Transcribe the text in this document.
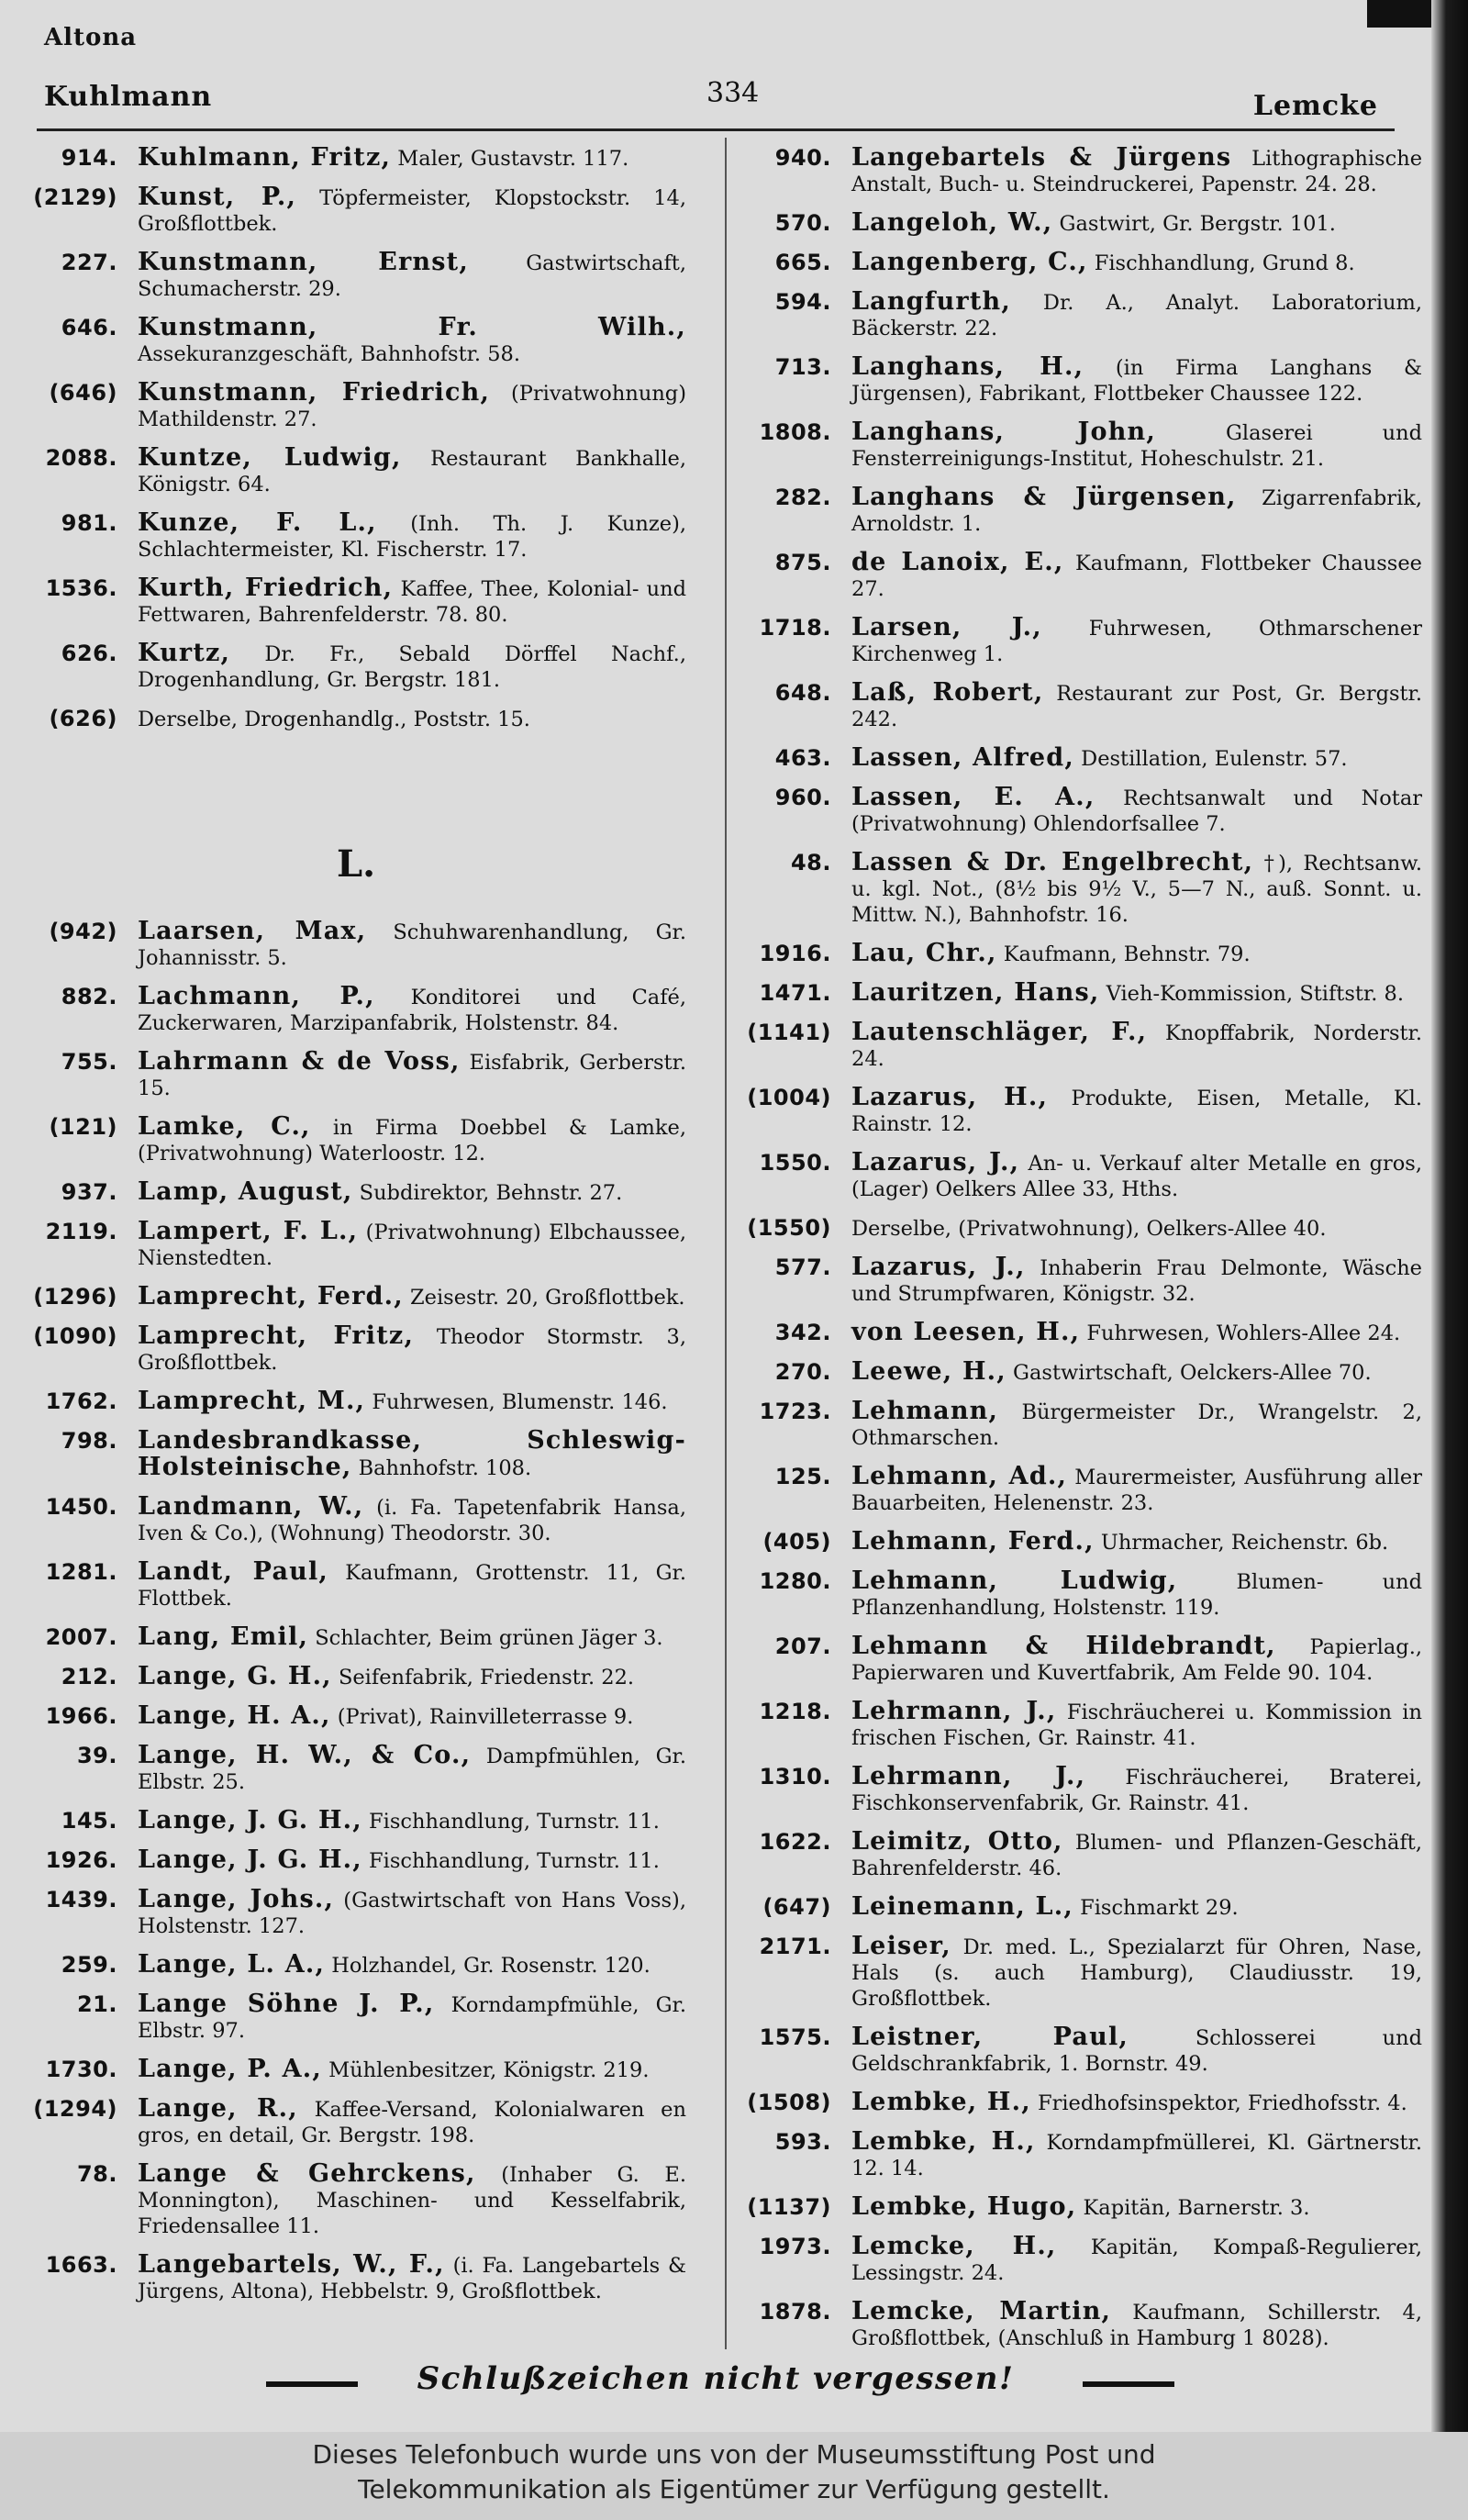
Altona
Kuhlmann	334	Lemcke
914. Kuhlmann, Fritz, Maler, Gustavstr. 117.
(2129) Kunst, P., Töpfermeister, Klopstockstr. 14, Großflottbek.
227. Kunstmann, Ernst,	Gastwirtschaft, Schumacherstr. 29.
646. Kunstmann, Fr. Wilh., Assekuranzgeschäft, Bahnhofstr. 58.
(646) Kunstmann, Friedrich, (Privatwohnung) Mathildenstr. 27.
2088. Kuntze, Ludwig, Restaurant Bankhalle, Königstr. 64.
981. Kunze, F. L., (Inh. Th. J. Kunze), Schlachtermeister, Kl. Fischerstr. 17.
1536. Kurth, Friedrich, Kaffee, Thee, Kolonial- und Fettwaren, Bahrenfelderstr. 78. 80.
626. Kurtz, Dr. Fr., Sebald Dörffel Nachf., Drogenhandlung, Gr. Bergstr. 181.
(626) Derselbe, Drogenhandlg., Poststr. 15.
L.
(942) Laarsen, Max, Schuhwarenhandlung, Gr. Johannisstr. 5.
882. Lachmann, P., Konditorei und Café, Zuckerwaren, Marzipanfabrik, Holstenstr. 84.
755. Lahrmann & de Voss, Eisfabrik, Gerberstr. 15.
(121) Lamke, C., in Firma Doebbel & Lamke, (Privatwohnung) Waterloostr. 12.
937. Lamp, August, Subdirektor, Behnstr. 27.
2119. Lampert, F. L., (Privatwohnung) Elbchaussee, Nienstedten.
(1296) Lamprecht, Ferd., Zeisestr. 20, Großflottbek.
(1090) Lamprecht, Fritz, Theodor Stormstr. 3, Großflottbek.
1762. Lamprecht, M., Fuhrwesen, Blumenstr. 146.
798. Landesbrandkasse, Schleswig-Holsteinische, Bahnhofstr. 108.
1450. Landmann, W., (i. Fa. Tapetenfabrik Hansa, Iven & Co.), (Wohnung) Theodorstr. 30.
1281. Landt, Paul, Kaufmann, Grottenstr. 11, Gr. Flottbek.
2007. Lang, Emil, Schlachter, Beim grünen Jäger 3.
212. Lange, G. H., Seifenfabrik, Friedenstr. 22.
1966. Lange, H. A., (Privat), Rainvilleterrasse 9.
39. Lange, H. W., & Co., Dampfmühlen, Gr. Elbstr. 25.
145. Lange, J. G. H., Fischhandlung, Turnstr. 11.
1926. Lange, J. G. H., Fischhandlung, Turnstr. 11.
1439. Lange, Johs., (Gastwirtschaft von Hans Voss), Holstenstr. 127.
259. Lange, L. A., Holzhandel, Gr. Rosenstr. 120.
21. Lange Söhne J. P., Korndampfmühle, Gr. Elbstr. 97.
1730. Lange, P. A., Mühlenbesitzer, Königstr. 219.
(1294) Lange, R., Kaffee-Versand, Kolonialwaren en gros, en detail, Gr. Bergstr. 198.
78. Lange & Gehrckens, (Inhaber G. E. Monnington), Maschinen- und Kesselfabrik, Friedensallee 11.
1663. Langebartels, W., F., (i. Fa. Langebartels & Jürgens, Altona), Hebbelstr. 9, Großflottbek.
940. Langebartels & Jürgens Lithographische Anstalt, Buch- u. Steindruckerei, Papenstr. 24. 28.
570. Langeloh, W., Gastwirt, Gr. Bergstr. 101.
665. Langenberg, C., Fischhandlung, Grund 8.
594. Langfurth, Dr. A., Analyt. Laboratorium, Bäckerstr. 22.
713. Langhans, H., (in Firma Langhans & Jürgensen), Fabrikant, Flottbeker Chaussee 122.
1808. Langhans, John,	Glaserei und Fensterreinigungs-Institut, Hoheschulstr. 21.
282. Langhans & Jürgensen, Zigarrenfabrik, Arnoldstr. 1.
875. de Lanoix, E., Kaufmann, Flottbeker Chaussee 27.
1718. Larsen, J., Fuhrwesen, Othmarschener Kirchenweg 1.
648. Laß, Robert, Restaurant zur Post, Gr. Bergstr. 242.
463. Lassen, Alfred, Destillation, Eulenstr. 57.
960. Lassen, E. A., Rechtsanwalt und Notar (Privatwohnung) Ohlendorfsallee 7.
48. Lassen & Dr. Engelbrecht, †), Rechtsanw. u. kgl. Not., (8½ bis 9½ V., 5—7 N., auß. Sonnt. u. Mittw. N.), Bahnhofstr. 16.
1916. Lau, Chr., Kaufmann, Behnstr. 79.
1471. Lauritzen, Hans, Vieh-Kommission, Stiftstr. 8.
(1141) Lautenschläger, F., Knopffabrik, Norderstr. 24.
(1004) Lazarus, H., Produkte, Eisen, Metalle, Kl. Rainstr. 12.
1550. Lazarus, J., An- u. Verkauf alter Metalle en gros, (Lager) Oelkers Allee 33, Hths.
(1550) Derselbe, (Privatwohnung), Oelkers-Allee 40.
577. Lazarus, J., Inhaberin Frau Delmonte, Wäsche und Strumpfwaren, Königstr. 32.
342. von Leesen, H., Fuhrwesen, Wohlers-Allee 24.
270. Leewe, H., Gastwirtschaft, Oelckers-Allee 70.
1723. Lehmann, Bürgermeister Dr., Wrangelstr. 2, Othmarschen.
125. Lehmann, Ad., Maurermeister, Ausführung aller Bauarbeiten, Helenenstr. 23.
(405) Lehmann, Ferd., Uhrmacher, Reichenstr. 6b.
1280. Lehmann, Ludwig,	Blumen- und Pflanzenhandlung, Holstenstr. 119.
207. Lehmann & Hildebrandt, Papierlag., Papierwaren und Kuvertfabrik, Am Felde 90. 104.
1218. Lehrmann, J., Fischräucherei u. Kommission in frischen Fischen, Gr. Rainstr. 41.
1310. Lehrmann, J., Fischräucherei, Braterei, Fischkonservenfabrik, Gr. Rainstr. 41.
1622. Leimitz, Otto, Blumen- und Pflanzen-Geschäft, Bahrenfelderstr. 46.
(647) Leinemann, L., Fischmarkt 29.
2171. Leiser, Dr. med. L., Spezialarzt für Ohren, Nase, Hals (s. auch Hamburg), Claudiusstr. 19, Großflottbek.
1575. Leistner, Paul,	Schlosserei und Geldschrankfabrik, 1. Bornstr. 49.
(1508) Lembke, H., Friedhofsinspektor, Friedhofsstr. 4.
593. Lembke, H., Korndampfmüllerei, Kl. Gärtnerstr. 12. 14.
(1137) Lembke, Hugo, Kapitän, Barnerstr. 3.
1973. Lemcke, H., Kapitän, Kompaß-Regulierer, Lessingstr. 24.
1878. Lemcke, Martin, Kaufmann, Schillerstr. 4, Großflottbek, (Anschluß in Hamburg 1 8028).
Schlußzeichen nicht vergessen!
Dieses Telefonbuch wurde uns von der Museumsstiftung Post und
Telekommunikation als Eigentümer zur Verfügung gestellt.
